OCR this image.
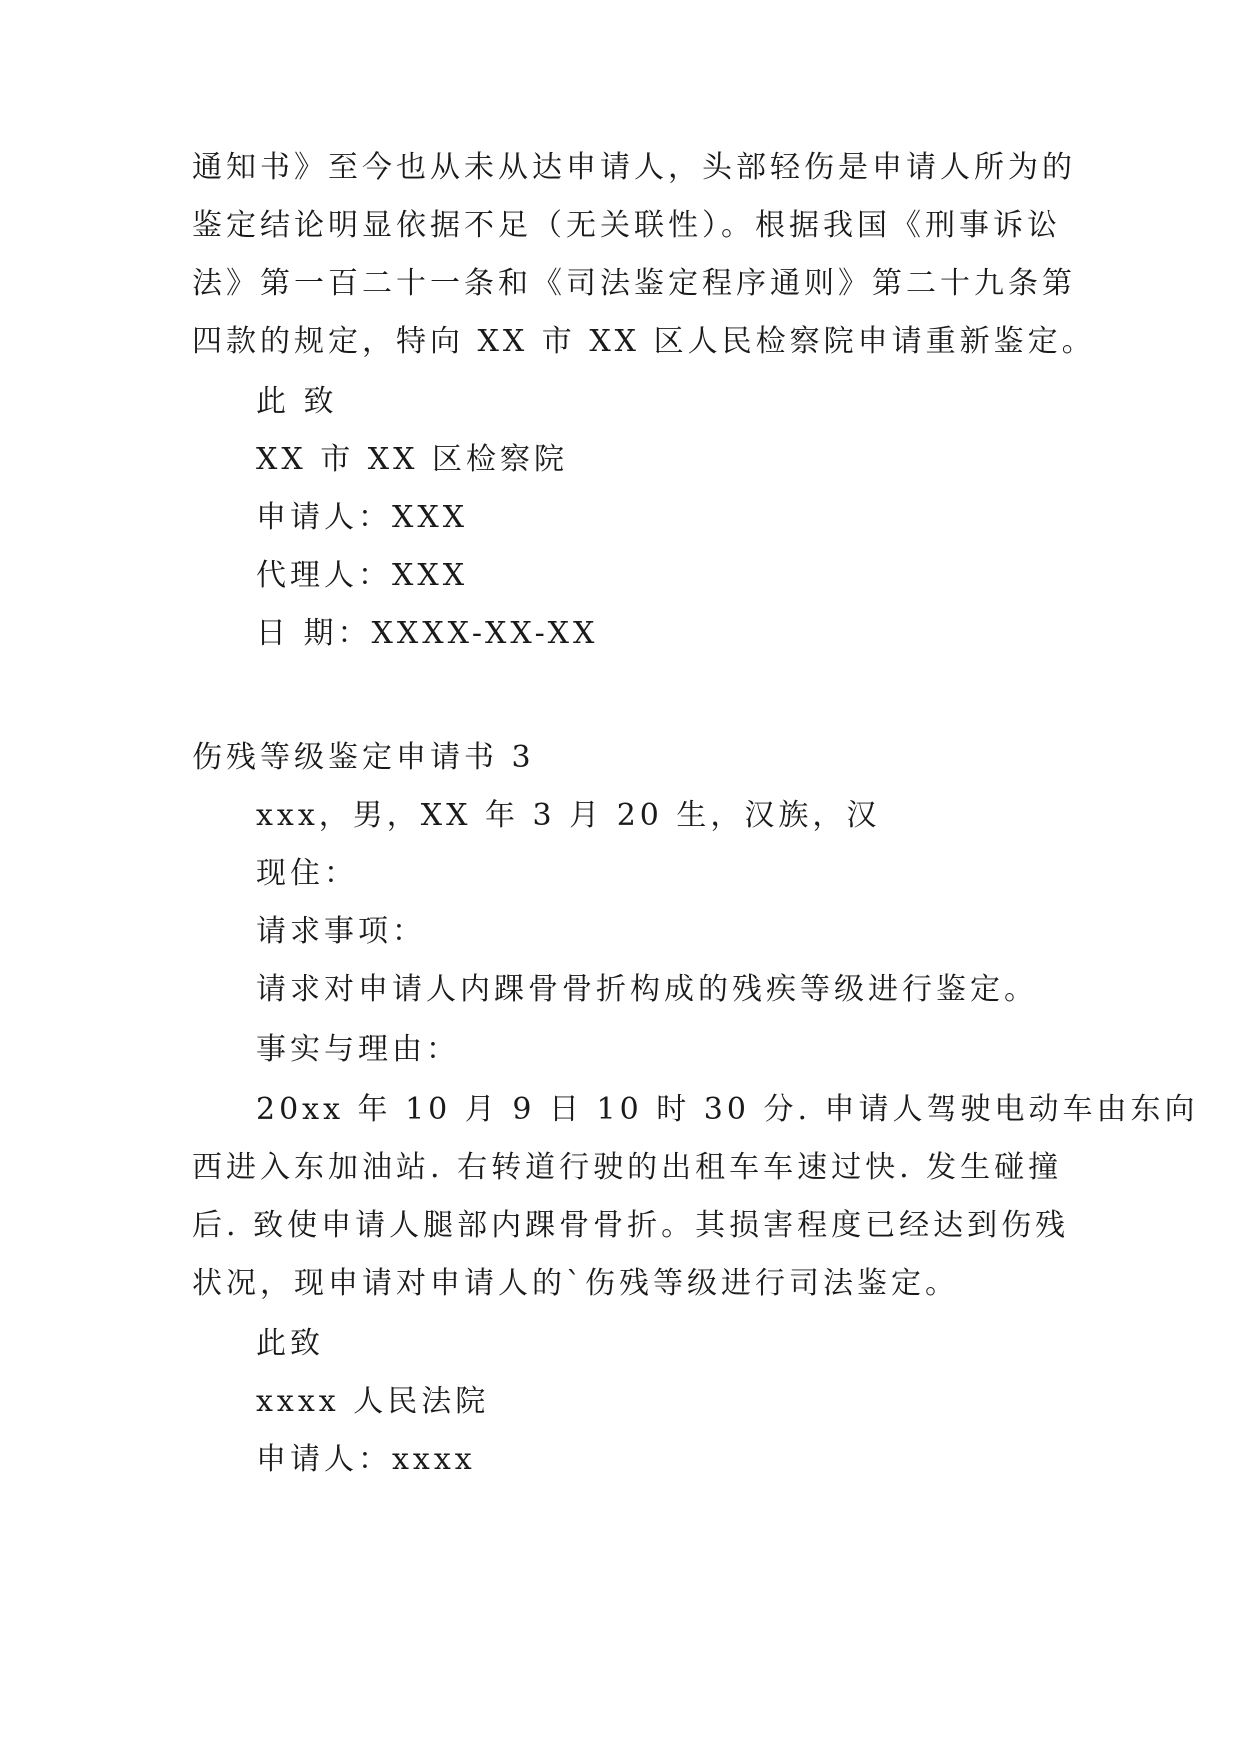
通知书》至今也从未从达申请人，头部轻伤是申请人所为的
鉴定结论明显依据不足（无关联性）。根据我国《刑事诉讼
法》第一百二十一条和《司法鉴定程序通则》第二十九条第
四款的规定，特向 XX 市 XX 区人民检察院申请重新鉴定。
此 致
XX 市 XX 区检察院
申请人：XXX
代理人：XXX
日 期：XXXX-XX-XX
伤残等级鉴定申请书 3
xxx，男，XX 年 3 月 20 生，汉族，汉
现住：
请求事项：
请求对申请人内踝骨骨折构成的残疾等级进行鉴定。
事实与理由：
20xx 年 10 月 9 日 10 时 30 分. 申请人驾驶电动车由东向
西进入东加油站. 右转道行驶的出租车车速过快. 发生碰撞
后. 致使申请人腿部内踝骨骨折。其损害程度已经达到伤残
状况，现申请对申请人的`伤残等级进行司法鉴定。
此致
xxxx 人民法院
申请人：xxxx
